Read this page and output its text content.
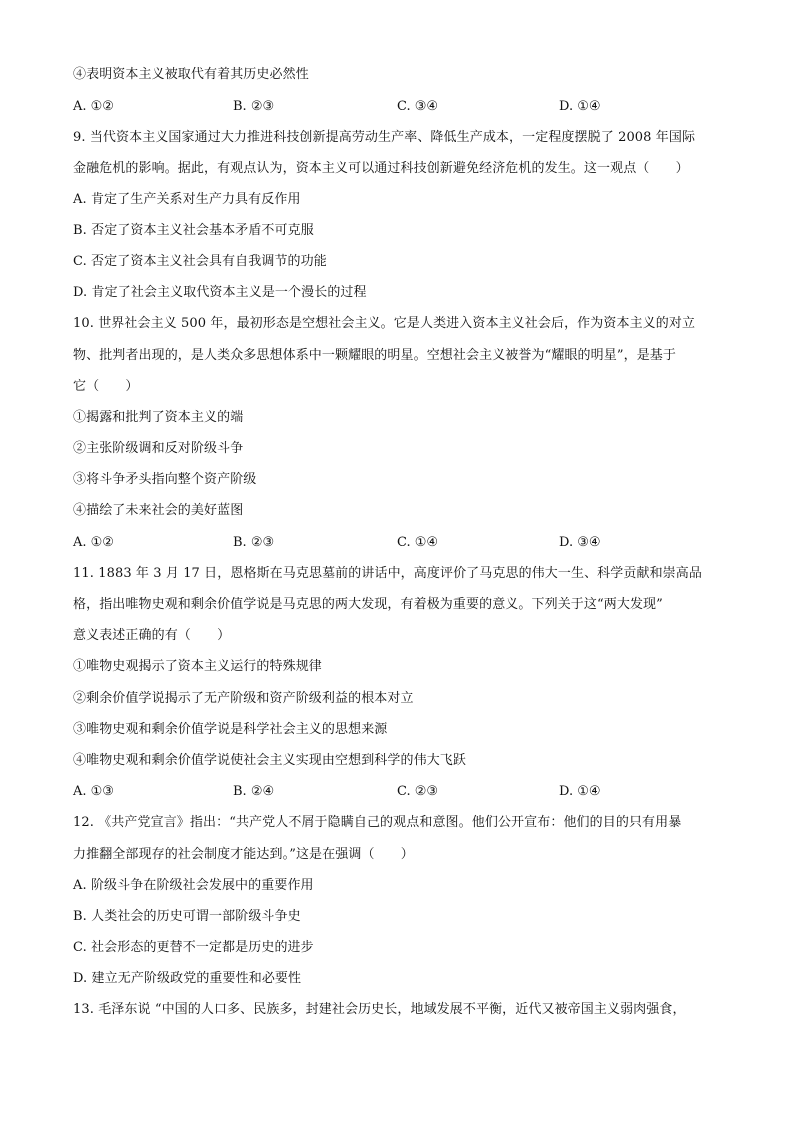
④表明资本主义被取代有着其历史必然性
A. ①②	B. ②③	C. ③④	D. ①④
9. 当代资本主义国家通过大力推进科技创新提高劳动生产率、降低生产成本，一定程度摆脱了 2008 年国际
金融危机的影响。据此，有观点认为，资本主义可以通过科技创新避免经济危机的发生。这一观点（　　）
A. 肯定了生产关系对生产力具有反作用
B. 否定了资本主义社会基本矛盾不可克服
C. 否定了资本主义社会具有自我调节的功能
D. 肯定了社会主义取代资本主义是一个漫长的过程
10. 世界社会主义 500 年，最初形态是空想社会主义。它是人类进入资本主义社会后，作为资本主义的对立
物、批判者出现的，是人类众多思想体系中一颗耀眼的明星。空想社会主义被誉为“耀眼的明星”，是基于
它（　　）
①揭露和批判了资本主义的端
②主张阶级调和反对阶级斗争
③将斗争矛头指向整个资产阶级
④描绘了未来社会的美好蓝图
A. ①②	B. ②③	C. ①④	D. ③④
11. 1883 年 3 月 17 日，恩格斯在马克思墓前的讲话中，高度评价了马克思的伟大一生、科学贡献和崇高品
格，指出唯物史观和剩余价值学说是马克思的两大发现，有着极为重要的意义。下列关于这“两大发现”
意义表述正确的有（　　）
①唯物史观揭示了资本主义运行的特殊规律
②剩余价值学说揭示了无产阶级和资产阶级利益的根本对立
③唯物史观和剩余价值学说是科学社会主义的思想来源
④唯物史观和剩余价值学说使社会主义实现由空想到科学的伟大飞跃
A. ①③	B. ②④	C. ②③	D. ①④
12. 《共产党宣言》指出：“共产党人不屑于隐瞒自己的观点和意图。他们公开宣布：他们的目的只有用暴
力推翻全部现存的社会制度才能达到。”这是在强调（　　）
A. 阶级斗争在阶级社会发展中的重要作用
B. 人类社会的历史可谓一部阶级斗争史
C. 社会形态的更替不一定都是历史的进步
D. 建立无产阶级政党的重要性和必要性
13. 毛泽东说 “中国的人口多、民族多，封建社会历史长，地域发展不平衡，近代又被帝国主义弱肉强食，
